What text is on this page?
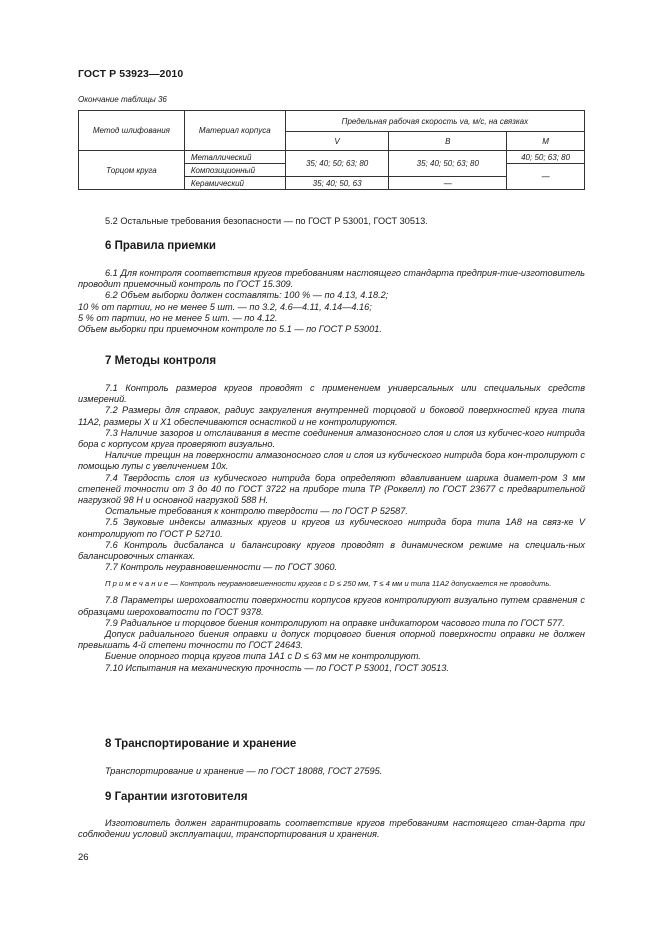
ГОСТ Р 53923—2010
Окончание таблицы 36
Метод шлифования	Материал корпуса	Предельная рабочая скорость vа, м/с, на связках		
		V	В	М
Торцом круга	Металлический	35; 40; 50; 63; 80	35; 40; 50; 63; 80	40; 50; 63; 80
	Композиционный			—
	Керамический	35; 40; 50, 63	—	

5.2 Остальные требования безопасности — по ГОСТ Р 53001, ГОСТ 30513.

6 Правила приемки

6.1 Для контроля соответствия кругов требованиям настоящего стандарта предприя-тие-изготовитель проводит приемочный контроль по ГОСТ 15.309.

6.2 Объем выборки должен составлять: 100 % — по 4.13, 4.18.2;

10 % от партии, но не менее 5 шт. — по 3.2, 4.6—4.11, 4.14—4.16;

5 % от партии, но не менее 5 шт. — по 4.12.

Объем выборки при приемочном контроле по 5.1 — по ГОСТ Р 53001.

7 Методы контроля

7.1 Контроль размеров кругов проводят с применением универсальных или специальных средств измерений.

7.2 Размеры для справок, радиус закругления внутренней торцовой и боковой поверхностей круга типа 11А2, размеры X и X1 обеспечиваются оснасткой и не контролируются.

7.3 Наличие зазоров и отслаивания в месте соединения алмазоносного слоя и слоя из кубичес-кого нитрида бора с корпусом круга проверяют визуально.

Наличие трещин на поверхности алмазоносного слоя и слоя из кубического нитрида бора кон-тролируют с помощью лупы с увеличением 10х.

7.4 Твердость слоя из кубического нитрида бора определяют вдавливанием шарика диамет-ром 3 мм степеней точности от 3 до 40 по ГОСТ 3722 на приборе типа ТР (Роквелл) по ГОСТ 23677 с предварительной нагрузкой 98 Н и основной нагрузкой 588 Н.

Остальные требования к контролю твердости — по ГОСТ Р 52587.

7.5 Звуковые индексы алмазных кругов и кругов из кубического нитрида бора типа 1А8 на связ-ке V контролируют по ГОСТ Р 52710.

7.6 Контроль дисбаланса и балансировку кругов проводят в динамическом режиме на специаль-ных балансировочных станках.

7.7 Контроль неуравновешенности — по ГОСТ 3060.

П р и м е ч а н и е — Контроль неуравновешенности кругов с D ≤ 250 мм, T ≤ 4 мм и типа 11А2 допускается не проводить.

7.8 Параметры шероховатости поверхности корпусов кругов контролируют визуально путем сравнения с образцами шероховатости по ГОСТ 9378.

7.9 Радиальное и торцовое биения контролируют на оправке индикатором часового типа по ГОСТ 577.

Допуск радиального биения оправки и допуск торцового биения опорной поверхности оправки не должен превышать 4-й степени точности по ГОСТ 24643.

Биение опорного торца кругов типа 1А1 с D ≤ 63 мм не контролируют.

7.10 Испытания на механическую прочность — по ГОСТ Р 53001, ГОСТ 30513.

8 Транспортирование и хранение

Транспортирование и хранение — по ГОСТ 18088, ГОСТ 27595.

9 Гарантии изготовителя

Изготовитель должен гарантировать соответствие кругов требованиям настоящего стан-дарта при соблюдении условий эксплуатации, транспортирования и хранения.

26
